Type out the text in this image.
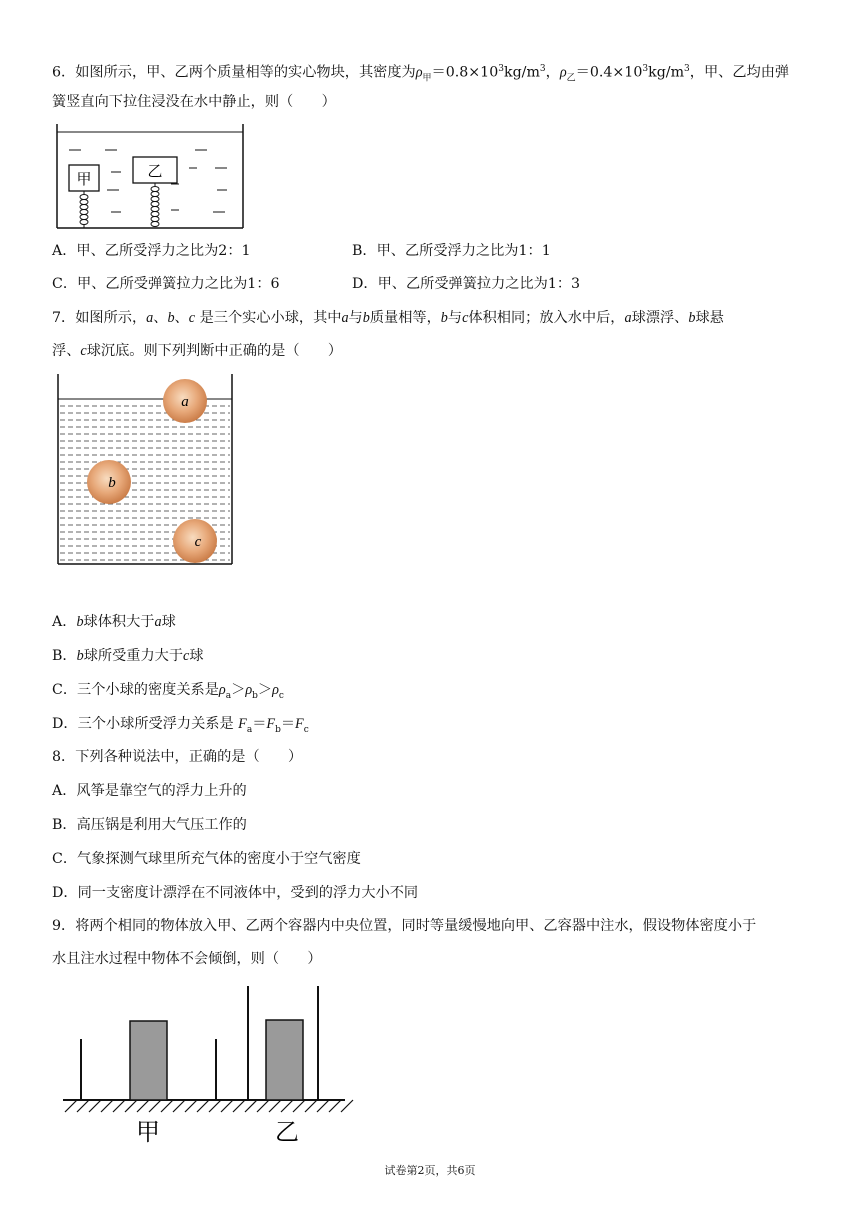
6．如图所示，甲、乙两个质量相等的实心物块，其密度为$\rho_甲=0.8\times 10^3kg/m^3$，$\rho_乙=0.4\times 10^3kg/m^3$，甲、乙均由弹
簧竖直向下拉住浸没在水中静止，则（　　）
甲	乙
A．甲、乙所受浮力之比为2：1	B．甲、乙所受浮力之比为1：1
C．甲、乙所受弹簧拉力之比为1：6	D．甲、乙所受弹簧拉力之比为1：3
7．如图所示，a、b、c 是三个实心小球，其中a与b质量相等，b与c体积相同；放入水中后，a球漂浮、b球悬
浮、c球沉底。则下列判断中正确的是（　　）
a
b
c
A．b球体积大于a球
B．b球所受重力大于c球
C．三个小球的密度关系是$\rho_a>\rho_b>\rho_c$
D．三个小球所受浮力关系是 $F_a=F_b=F_c$
8．下列各种说法中，正确的是（　　）
A．风筝是靠空气的浮力上升的
B．高压锅是利用大气压工作的
C．气象探测气球里所充气体的密度小于空气密度
D．同一支密度计漂浮在不同液体中，受到的浮力大小不同
9．将两个相同的物体放入甲、乙两个容器内中央位置，同时等量缓慢地向甲、乙容器中注水，假设物体密度小于
水且注水过程中物体不会倾倒，则（　　）
甲	乙
试卷第2页，共6页
